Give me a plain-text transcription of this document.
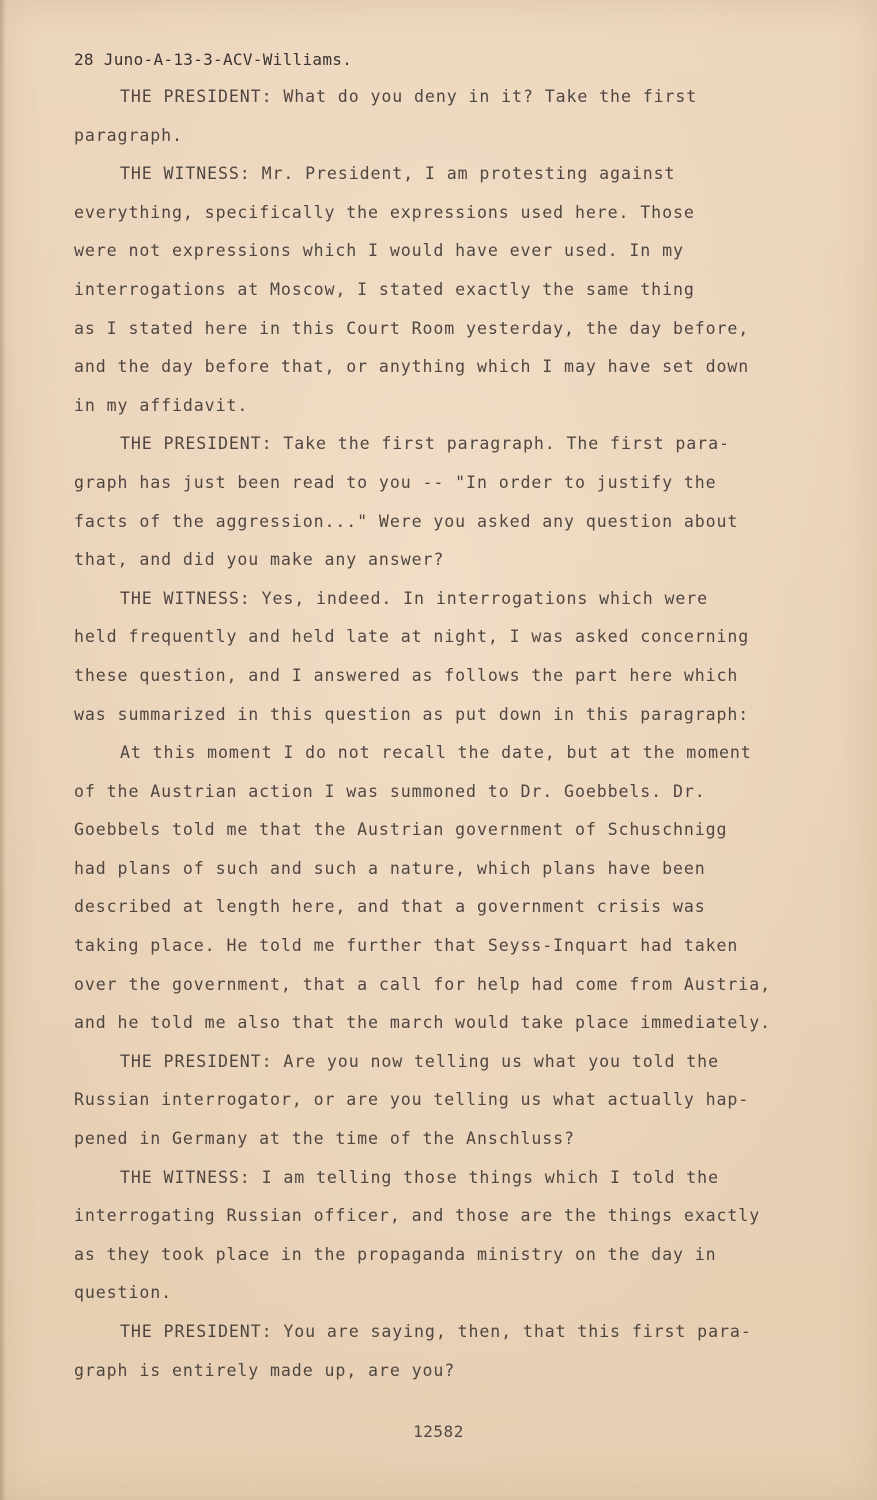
28 Juno-A-13-3-ACV-Williams.
THE PRESIDENT: What do you deny in it? Take the first
paragraph.
THE WITNESS: Mr. President, I am protesting against
everything, specifically the expressions used here. Those
were not expressions which I would have ever used. In my
interrogations at Moscow, I stated exactly the same thing
as I stated here in this Court Room yesterday, the day before,
and the day before that, or anything which I may have set down
in my affidavit.
THE PRESIDENT: Take the first paragraph. The first para-
graph has just been read to you -- "In order to justify the
facts of the aggression..." Were you asked any question about
that, and did you make any answer?
THE WITNESS: Yes, indeed. In interrogations which were
held frequently and held late at night, I was asked concerning
these question, and I answered as follows the part here which
was summarized in this question as put down in this paragraph:
At this moment I do not recall the date, but at the moment
of the Austrian action I was summoned to Dr. Goebbels. Dr.
Goebbels told me that the Austrian government of Schuschnigg
had plans of such and such a nature, which plans have been
described at length here, and that a government crisis was
taking place. He told me further that Seyss-Inquart had taken
over the government, that a call for help had come from Austria,
and he told me also that the march would take place immediately.
THE PRESIDENT: Are you now telling us what you told the
Russian interrogator, or are you telling us what actually hap-
pened in Germany at the time of the Anschluss?
THE WITNESS: I am telling those things which I told the
interrogating Russian officer, and those are the things exactly
as they took place in the propaganda ministry on the day in
question.
THE PRESIDENT: You are saying, then, that this first para-
graph is entirely made up, are you?
12582
